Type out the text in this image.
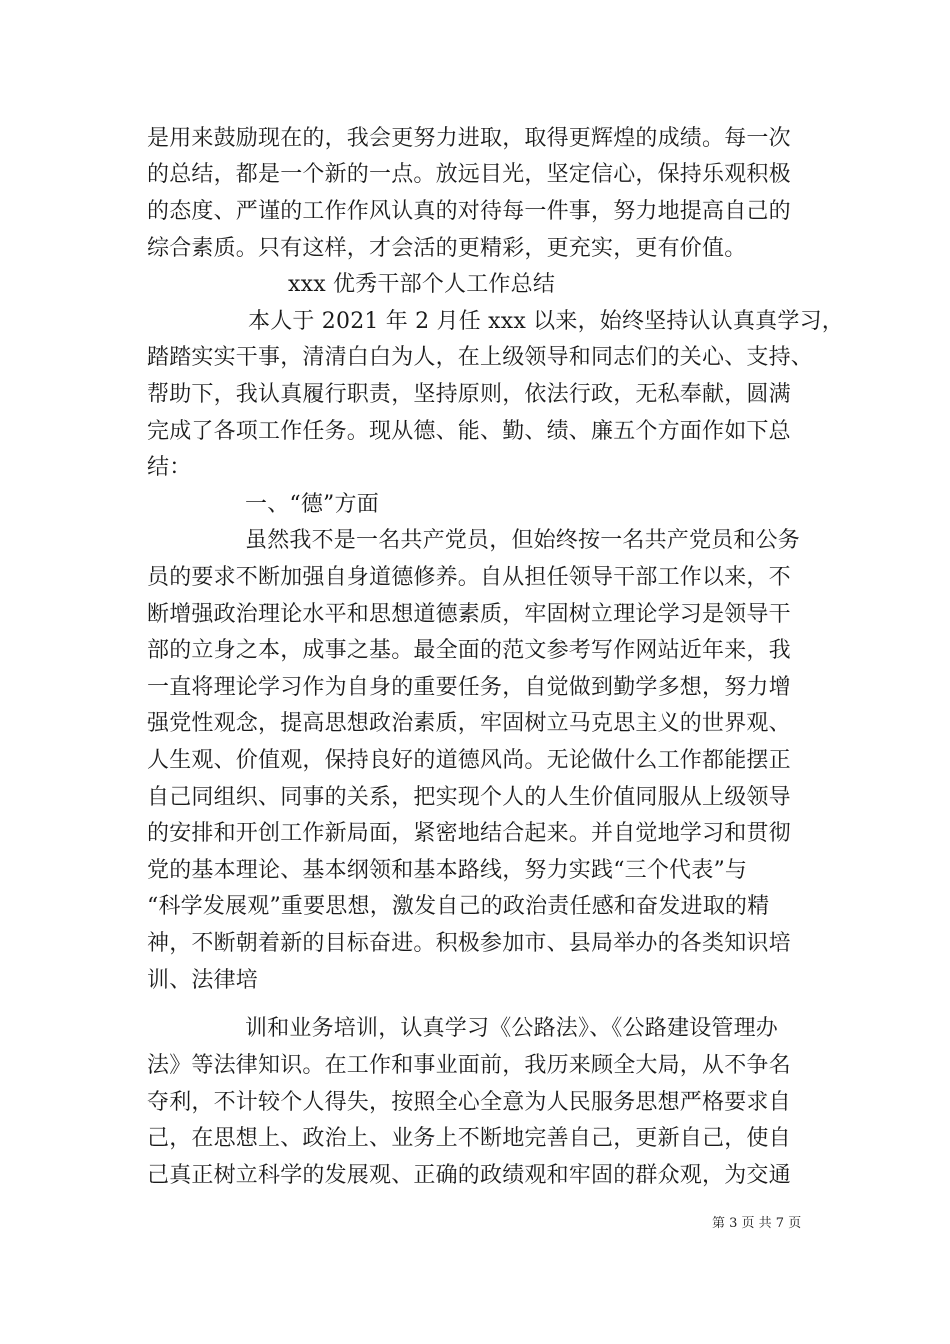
是用来鼓励现在的，我会更努力进取，取得更辉煌的成绩。每一次
的总结，都是一个新的一点。放远目光，坚定信心，保持乐观积极
的态度、严谨的工作作风认真的对待每一件事，努力地提高自己的
综合素质。只有这样，才会活的更精彩，更充实，更有价值。
xxx 优秀干部个人工作总结
本人于 2021 年 2 月任 xxx 以来，始终坚持认认真真学习，
踏踏实实干事，清清白白为人，在上级领导和同志们的关心、支持、
帮助下，我认真履行职责，坚持原则，依法行政，无私奉献，圆满
完成了各项工作任务。现从德、能、勤、绩、廉五个方面作如下总
结：
一、“德”方面
虽然我不是一名共产党员，但始终按一名共产党员和公务
员的要求不断加强自身道德修养。自从担任领导干部工作以来，不
断增强政治理论水平和思想道德素质，牢固树立理论学习是领导干
部的立身之本，成事之基。最全面的范文参考写作网站近年来，我
一直将理论学习作为自身的重要任务，自觉做到勤学多想，努力增
强党性观念，提高思想政治素质，牢固树立马克思主义的世界观、
人生观、价值观，保持良好的道德风尚。无论做什么工作都能摆正
自己同组织、同事的关系，把实现个人的人生价值同服从上级领导
的安排和开创工作新局面，紧密地结合起来。并自觉地学习和贯彻
党的基本理论、基本纲领和基本路线，努力实践“三个代表”与
“科学发展观”重要思想，激发自己的政治责任感和奋发进取的精
神，不断朝着新的目标奋进。积极参加市、县局举办的各类知识培
训、法律培
训和业务培训，认真学习《公路法》、《公路建设管理办
法》等法律知识。在工作和事业面前，我历来顾全大局，从不争名
夺利，不计较个人得失，按照全心全意为人民服务思想严格要求自
己，在思想上、政治上、业务上不断地完善自己，更新自己，使自
己真正树立科学的发展观、正确的政绩观和牢固的群众观，为交通
第 3 页 共 7 页
